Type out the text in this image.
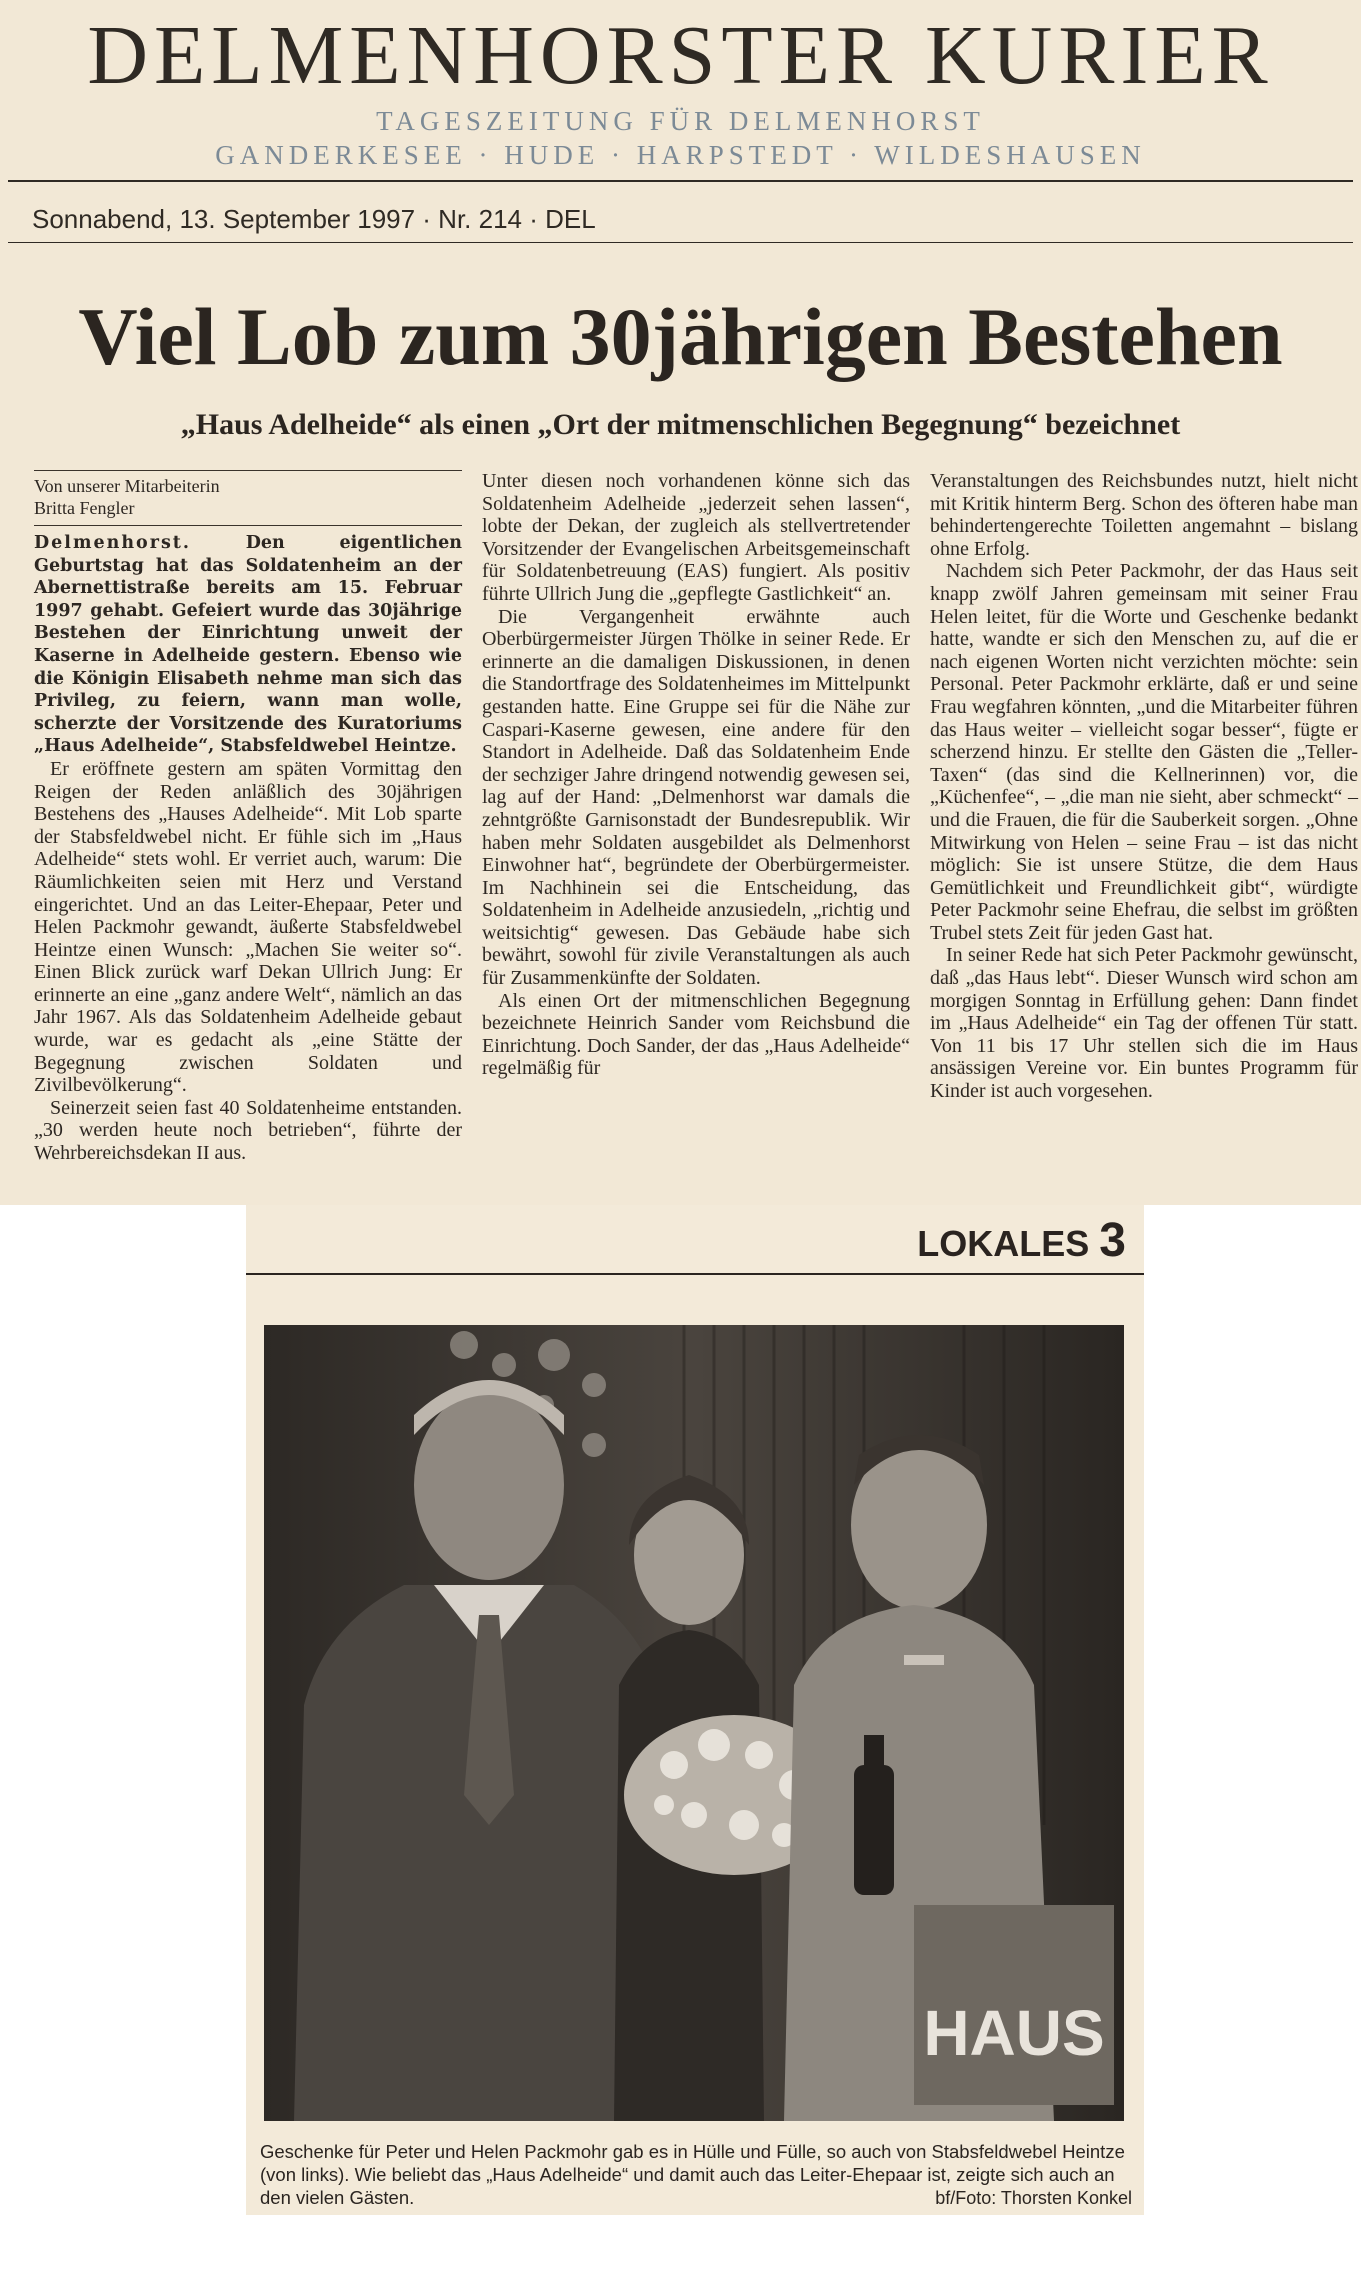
DELMENHORSTER KURIER
TAGESZEITUNG FÜR DELMENHORST
GANDERKESEE · HUDE · HARPSTEDT · WILDESHAUSEN
Sonnabend, 13. September 1997 · Nr. 214 · DEL
Viel Lob zum 30jährigen Bestehen
„Haus Adelheide“ als einen „Ort der mitmenschlichen Begegnung“ bezeichnet
Von unserer Mitarbeiterin
Britta Fengler

Delmenhorst.	Den eigentlichen Geburtstag hat das Soldatenheim an der Abernettistraße bereits am 15. Februar 1997 gehabt. Gefeiert wurde das 30jährige Bestehen der Einrichtung unweit der Kaserne in Adelheide gestern. Ebenso wie die Königin Elisabeth nehme man sich das Privileg, zu feiern, wann man wolle, scherzte der Vorsitzende des Kuratoriums „Haus Adelheide“, Stabsfeldwebel Heintze.

Er eröffnete gestern am späten Vormittag den Reigen der Reden anläßlich des 30jährigen Bestehens des „Hauses Adelheide“. Mit Lob sparte der Stabsfeldwebel nicht. Er fühle sich im „Haus Adelheide“ stets wohl. Er verriet auch, warum: Die Räumlichkeiten seien mit Herz und Verstand eingerichtet. Und an das Leiter-Ehepaar, Peter und Helen Packmohr gewandt, äußerte Stabsfeldwebel Heintze einen Wunsch: „Machen Sie weiter so“. Einen Blick zurück warf Dekan Ullrich Jung: Er erinnerte an eine „ganz andere Welt“, nämlich an das Jahr 1967. Als das Soldatenheim Adelheide gebaut wurde, war es gedacht als „eine Stätte der Begegnung zwischen Soldaten und Zivilbevölkerung“.

Seinerzeit seien fast 40 Soldatenheime entstanden. „30 werden heute noch betrieben“, führte der Wehrbereichsdekan II aus.

Unter diesen noch vorhandenen könne sich das Soldatenheim Adelheide „jederzeit sehen lassen“, lobte der Dekan, der zugleich als stellvertretender Vorsitzender der Evangelischen Arbeitsgemeinschaft für Soldatenbetreuung (EAS) fungiert. Als positiv führte Ullrich Jung die „gepflegte Gastlichkeit“ an.

Die Vergangenheit erwähnte auch Oberbürgermeister Jürgen Thölke in seiner Rede. Er erinnerte an die damaligen Diskussionen, in denen die Standortfrage des Soldatenheimes im Mittelpunkt gestanden hatte. Eine Gruppe sei für die Nähe zur Caspari-Kaserne gewesen, eine andere für den Standort in Adelheide. Daß das Soldatenheim Ende der sechziger Jahre dringend notwendig gewesen sei, lag auf der Hand: „Delmenhorst war damals die zehntgrößte Garnisonstadt der Bundesrepublik. Wir haben mehr Soldaten ausgebildet als Delmenhorst Einwohner hat“, begründete der Oberbürgermeister. Im Nachhinein sei die Entscheidung, das Soldatenheim in Adelheide anzusiedeln, „richtig und weitsichtig“ gewesen. Das Gebäude habe sich bewährt, sowohl für zivile Veranstaltungen als auch für Zusammenkünfte der Soldaten.

Als einen Ort der mitmenschlichen Begegnung bezeichnete Heinrich Sander vom Reichsbund die Einrichtung. Doch Sander, der das „Haus Adelheide“ regelmäßig für

Veranstaltungen des Reichsbundes nutzt, hielt nicht mit Kritik hinterm Berg. Schon des öfteren habe man behindertengerechte Toiletten angemahnt – bislang ohne Erfolg.

Nachdem sich Peter Packmohr, der das Haus seit knapp zwölf Jahren gemeinsam mit seiner Frau Helen leitet, für die Worte und Geschenke bedankt hatte, wandte er sich den Menschen zu, auf die er nach eigenen Worten nicht verzichten möchte: sein Personal. Peter Packmohr erklärte, daß er und seine Frau wegfahren könnten, „und die Mitarbeiter führen das Haus weiter – vielleicht sogar besser“, fügte er scherzend hinzu. Er stellte den Gästen die „Teller-Taxen“ (das sind die Kellnerinnen) vor, die „Küchenfee“, – „die man nie sieht, aber schmeckt“ – und die Frauen, die für die Sauberkeit sorgen. „Ohne Mitwirkung von Helen – seine Frau – ist das nicht möglich: Sie ist unsere Stütze, die dem Haus Gemütlichkeit und Freundlichkeit gibt“, würdigte Peter Packmohr seine Ehefrau, die selbst im größten Trubel stets Zeit für jeden Gast hat.

In seiner Rede hat sich Peter Packmohr gewünscht, daß „das Haus lebt“. Dieser Wunsch wird schon am morgigen Sonntag in Erfüllung gehen: Dann findet im „Haus Adelheide“ ein Tag der offenen Tür statt. Von 11 bis 17 Uhr stellen sich die im Haus ansässigen Vereine vor. Ein buntes Programm für Kinder ist auch vorgesehen.

LOKALES 3
HAUS
Geschenke für Peter und Helen Packmohr gab es in Hülle und Fülle, so auch von Stabsfeldwebel Heintze (von links). Wie beliebt das „Haus Adelheide“ und damit auch das Leiter-Ehepaar ist, zeigte sich auch an den vielen Gästen.	bf/Foto: Thorsten Konkel
